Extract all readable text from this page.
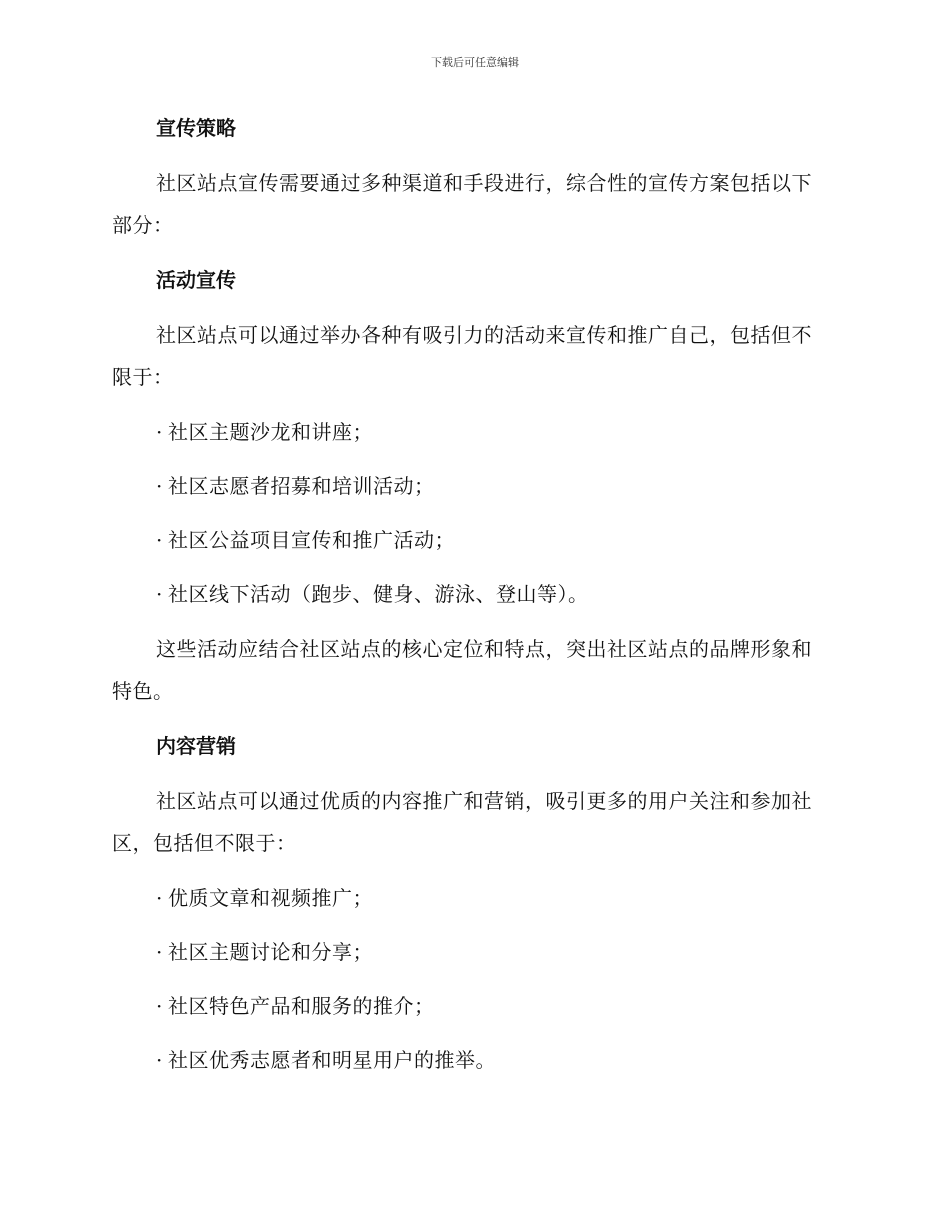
下载后可任意编辑
宣传策略

社区站点宣传需要通过多种渠道和手段进行，综合性的宣传方案包括以下部分：

活动宣传

社区站点可以通过举办各种有吸引力的活动来宣传和推广自己，包括但不限于：

· 社区主题沙龙和讲座；

· 社区志愿者招募和培训活动；

· 社区公益项目宣传和推广活动；

· 社区线下活动（跑步、健身、游泳、登山等）。

这些活动应结合社区站点的核心定位和特点，突出社区站点的品牌形象和特色。

内容营销

社区站点可以通过优质的内容推广和营销，吸引更多的用户关注和参加社区，包括但不限于：

· 优质文章和视频推广；

· 社区主题讨论和分享；

· 社区特色产品和服务的推介；

· 社区优秀志愿者和明星用户的推举。
